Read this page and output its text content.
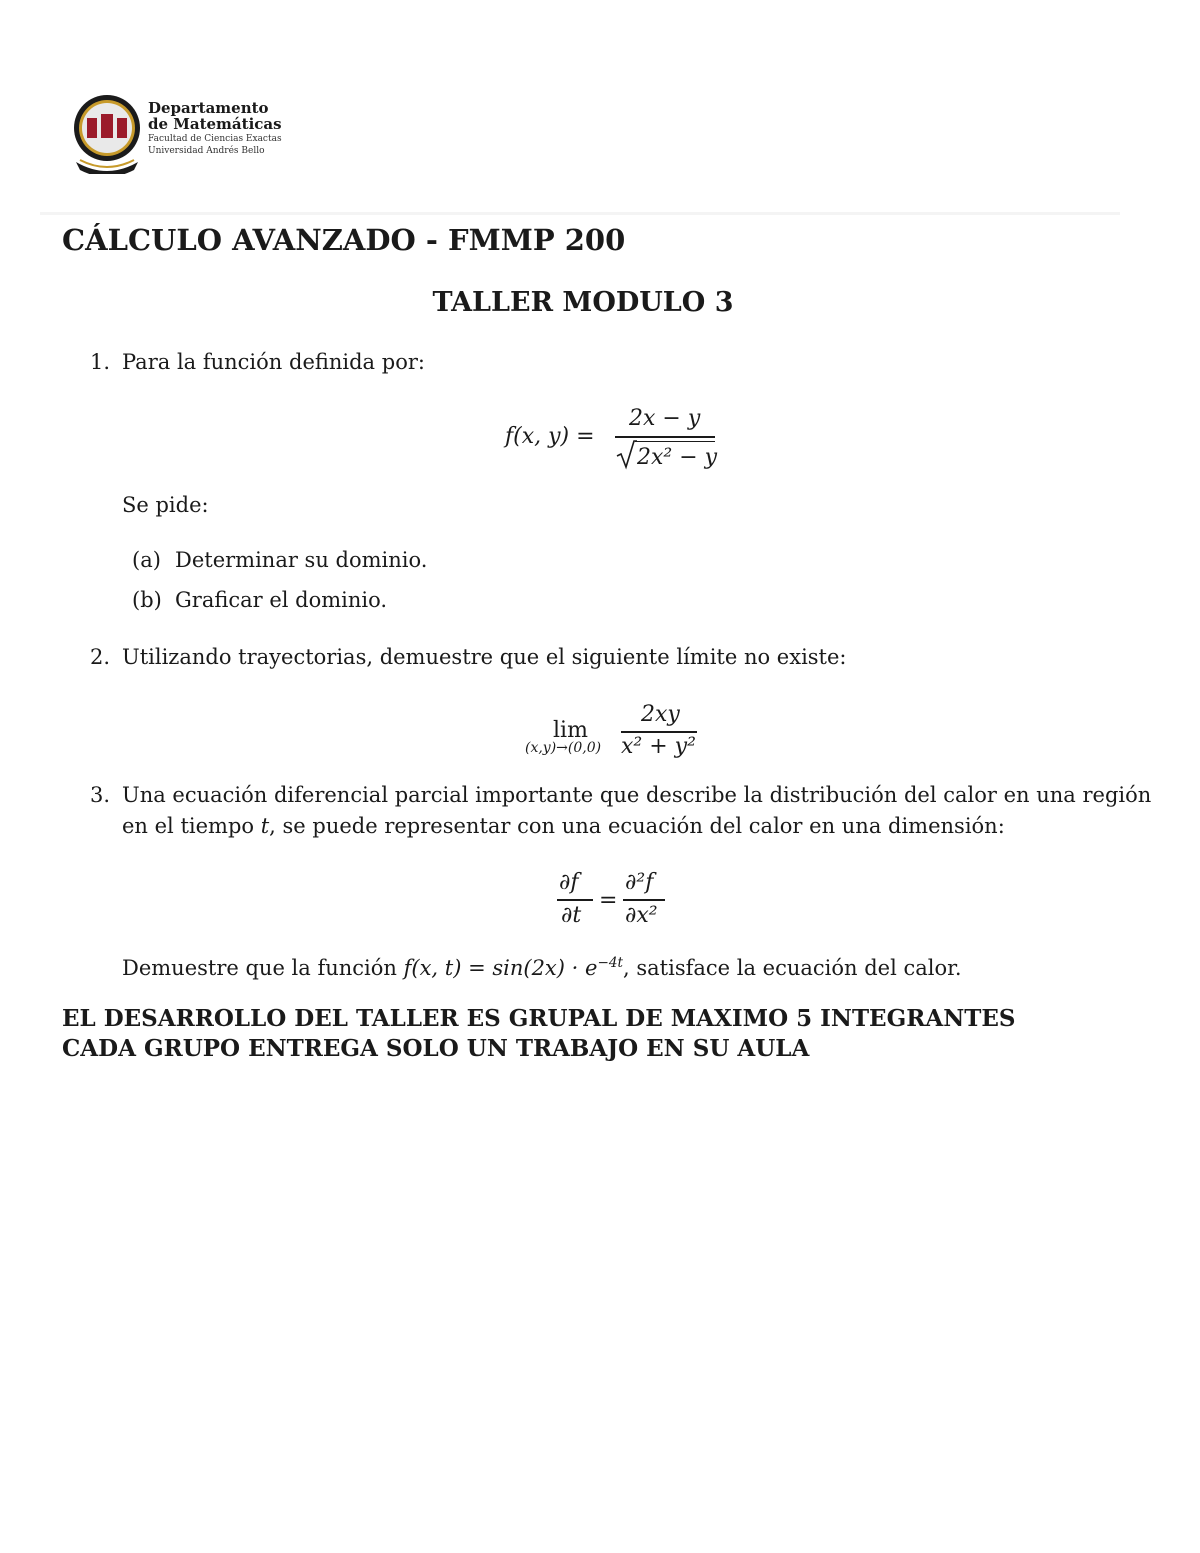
Departamento
de Matemáticas
Facultad de Ciencias Exactas
Universidad Andrés Bello
CÁLCULO AVANZADO - FMMP 200
TALLER MODULO 3
1. Para la función definida por:
f(x, y) =
2x − y
2x² − y
Se pide:
(a) Determinar su dominio.
(b) Graficar el dominio.
2. Utilizando trayectorias, demuestre que el siguiente límite no existe:
lim
(x,y)→(0,0)
2xy
x² + y²
3. Una ecuación diferencial parcial importante que describe la distribución del calor en una región
en el tiempo t, se puede representar con una ecuación del calor en una dimensión:
∂f
∂t
=
∂²f
∂x²
Demuestre que la función f(x, $t) = \sin(2x) \cdot e^{-4t}$, satisface la ecuación del calor.
EL DESARROLLO DEL TALLER ES GRUPAL DE MAXIMO 5 INTEGRANTES
CADA GRUPO ENTREGA SOLO UN TRABAJO EN SU AULA
